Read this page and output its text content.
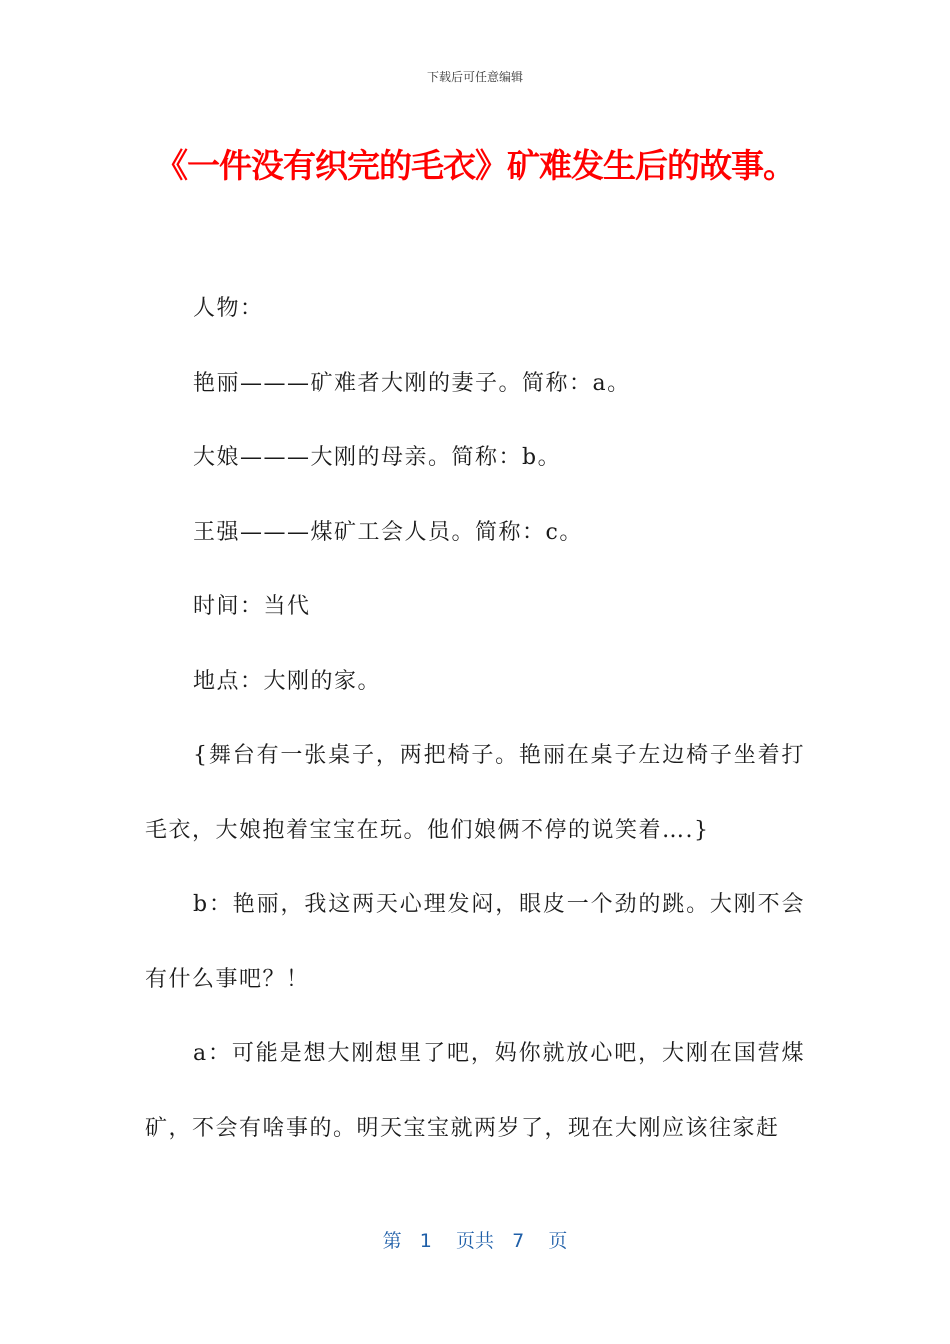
下载后可任意编辑
《一件没有织完的毛衣》矿难发生后的故事。

人物：

艳丽———矿难者大刚的妻子。简称：a。

大娘———大刚的母亲。简称：b。

王强———煤矿工会人员。简称：c。

时间：当代

地点：大刚的家。

{舞台有一张桌子，两把椅子。艳丽在桌子左边椅子坐着打毛衣，大娘抱着宝宝在玩。他们娘俩不停的说笑着….}

b：艳丽，我这两天心理发闷，眼皮一个劲的跳。大刚不会有什么事吧？！

a：可能是想大刚想里了吧，妈你就放心吧，大刚在国营煤矿，不会有啥事的。明天宝宝就两岁了，现在大刚应该往家赶

第 1 页共 7 页
